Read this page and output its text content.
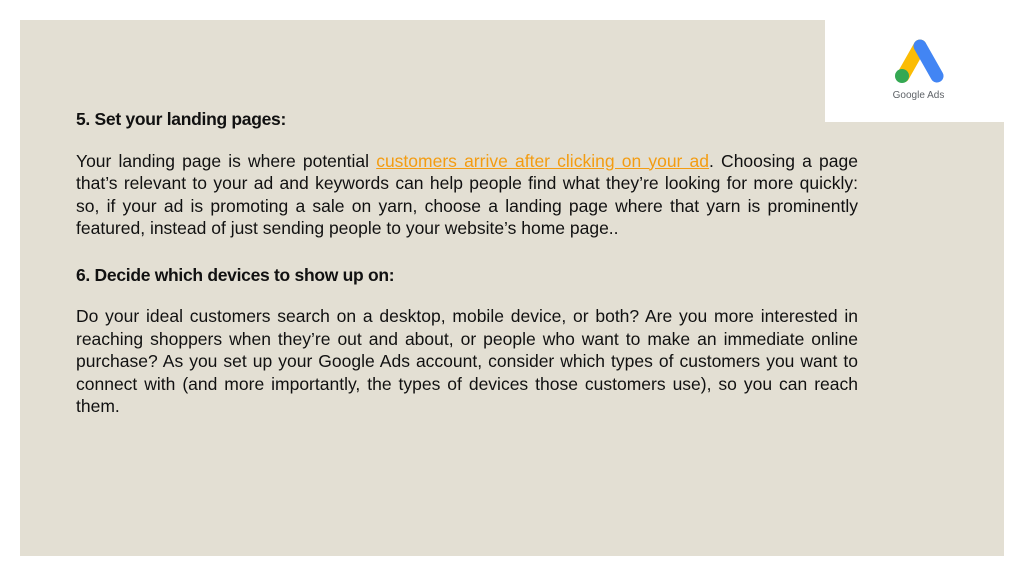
Google Ads

5. Set your landing pages:

Your landing page is where potential customers arrive after clicking on your ad. Choosing a page that’s relevant to your ad and keywords can help people find what they’re looking for more quickly: so, if your ad is promoting a sale on yarn, choose a landing page where that yarn is prominently featured, instead of just sending people to your website’s home page..

6. Decide which devices to show up on:

Do your ideal customers search on a desktop, mobile device, or both? Are you more interested in reaching shoppers when they’re out and about, or people who want to make an immediate online purchase? As you set up your Google Ads account, consider which types of customers you want to connect with (and more importantly, the types of devices those customers use), so you can reach them.
